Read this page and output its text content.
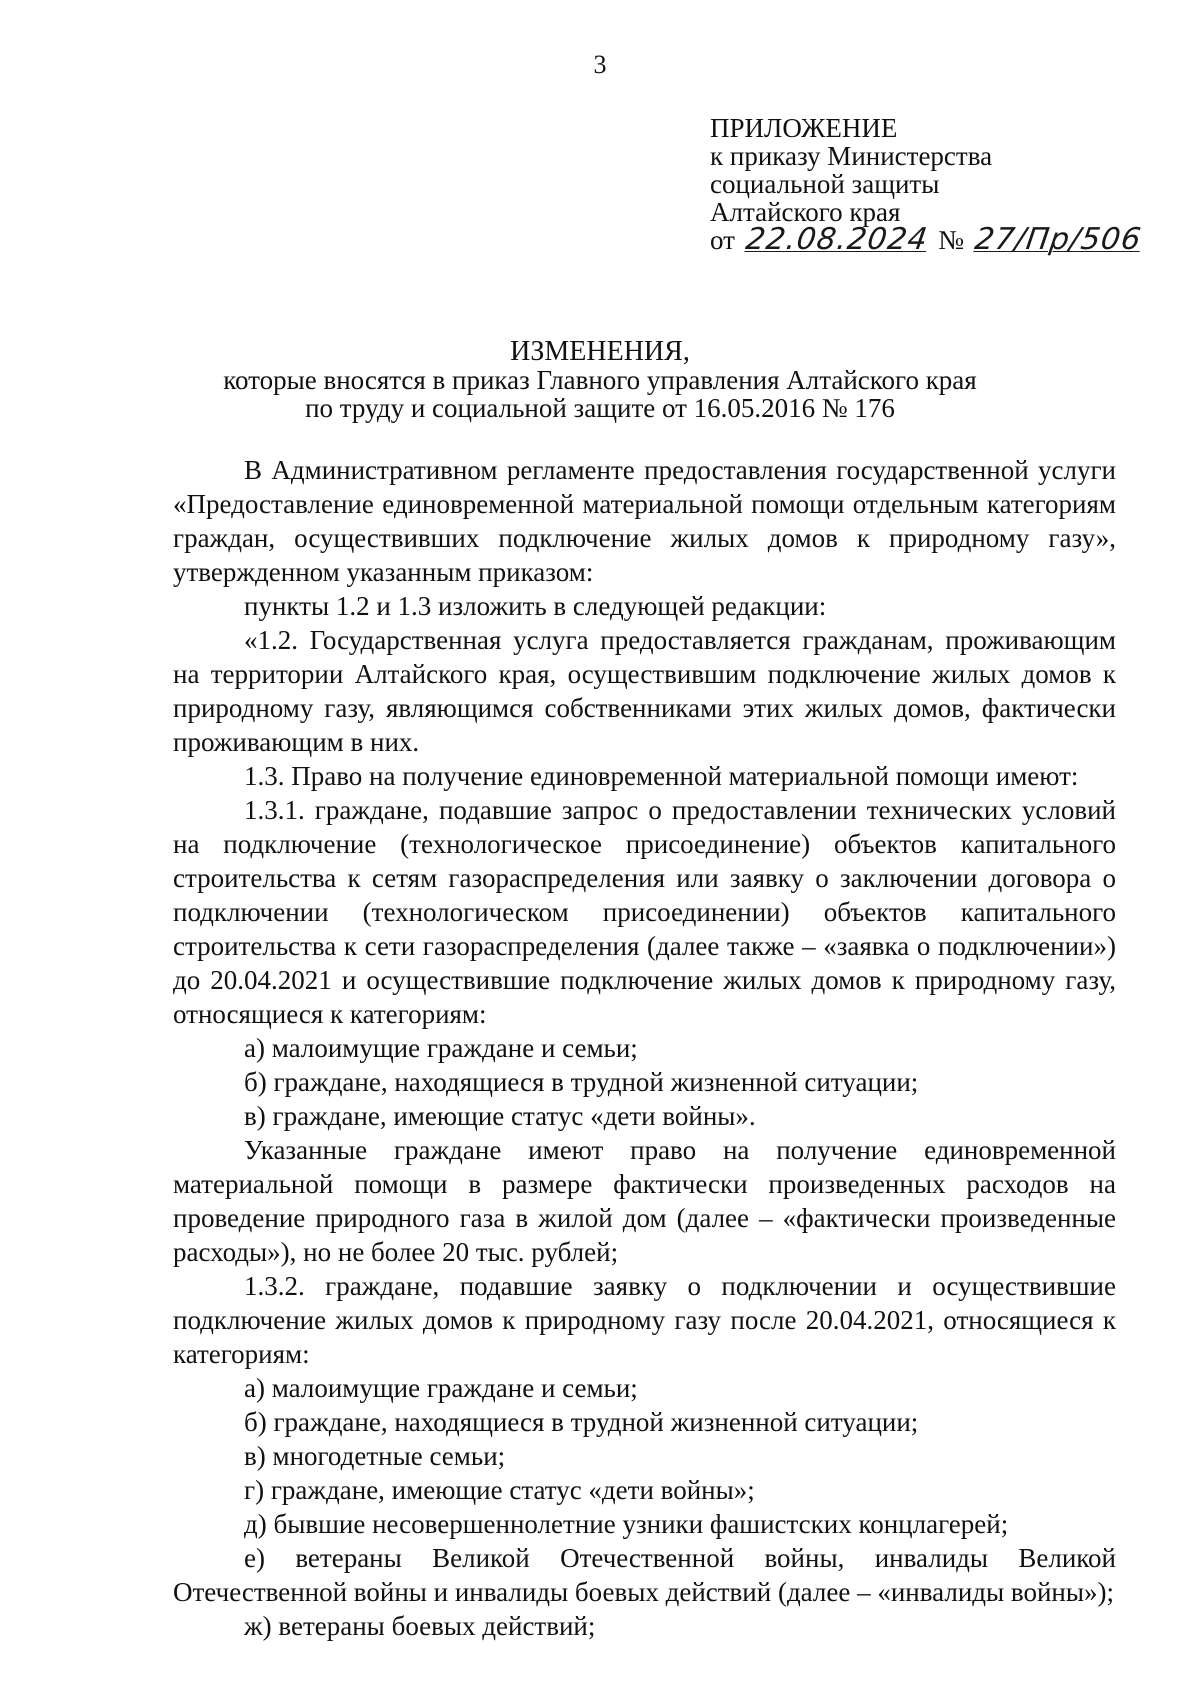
3
ПРИЛОЖЕНИЕ
к приказу Министерства
социальной защиты
Алтайского края
от 22.08.2024 № 27/Пр/506
ИЗМЕНЕНИЯ,
которые вносятся в приказ Главного управления Алтайского края
по труду и социальной защите от 16.05.2016 № 176

В Административном регламенте предоставления государственной услуги «Предоставление единовременной материальной помощи отдельным категориям граждан, осуществивших подключение жилых домов к природному газу», утвержденном указанным приказом:

пункты 1.2 и 1.3 изложить в следующей редакции:

«1.2. Государственная услуга предоставляется гражданам, проживающим на территории Алтайского края, осуществившим подключение жилых домов к природному газу, являющимся собственниками этих жилых домов, фактически проживающим в них.

1.3. Право на получение единовременной материальной помощи имеют:

1.3.1. граждане, подавшие запрос о предоставлении технических условий на подключение (технологическое присоединение) объектов капитального строительства к сетям газораспределения или заявку о заключении договора о подключении (технологическом присоединении) объектов капитального строительства к сети газораспределения (далее также – «заявка о подключении») до 20.04.2021 и осуществившие подключение жилых домов к природному газу, относящиеся к категориям:

а) малоимущие граждане и семьи;

б) граждане, находящиеся в трудной жизненной ситуации;

в) граждане, имеющие статус «дети войны».

Указанные граждане имеют право на получение единовременной материальной помощи в размере фактически произведенных расходов на проведение природного газа в жилой дом (далее – «фактически произведенные расходы»), но не более 20 тыс. рублей;

1.3.2. граждане, подавшие заявку о подключении и осуществившие подключение жилых домов к природному газу после 20.04.2021, относящиеся к категориям:

а) малоимущие граждане и семьи;

б) граждане, находящиеся в трудной жизненной ситуации;

в) многодетные семьи;

г) граждане, имеющие статус «дети войны»;

д) бывшие несовершеннолетние узники фашистских концлагерей;

е) ветераны Великой Отечественной войны, инвалиды Великой Отечественной войны и инвалиды боевых действий (далее – «инвалиды войны»);

ж) ветераны боевых действий;
